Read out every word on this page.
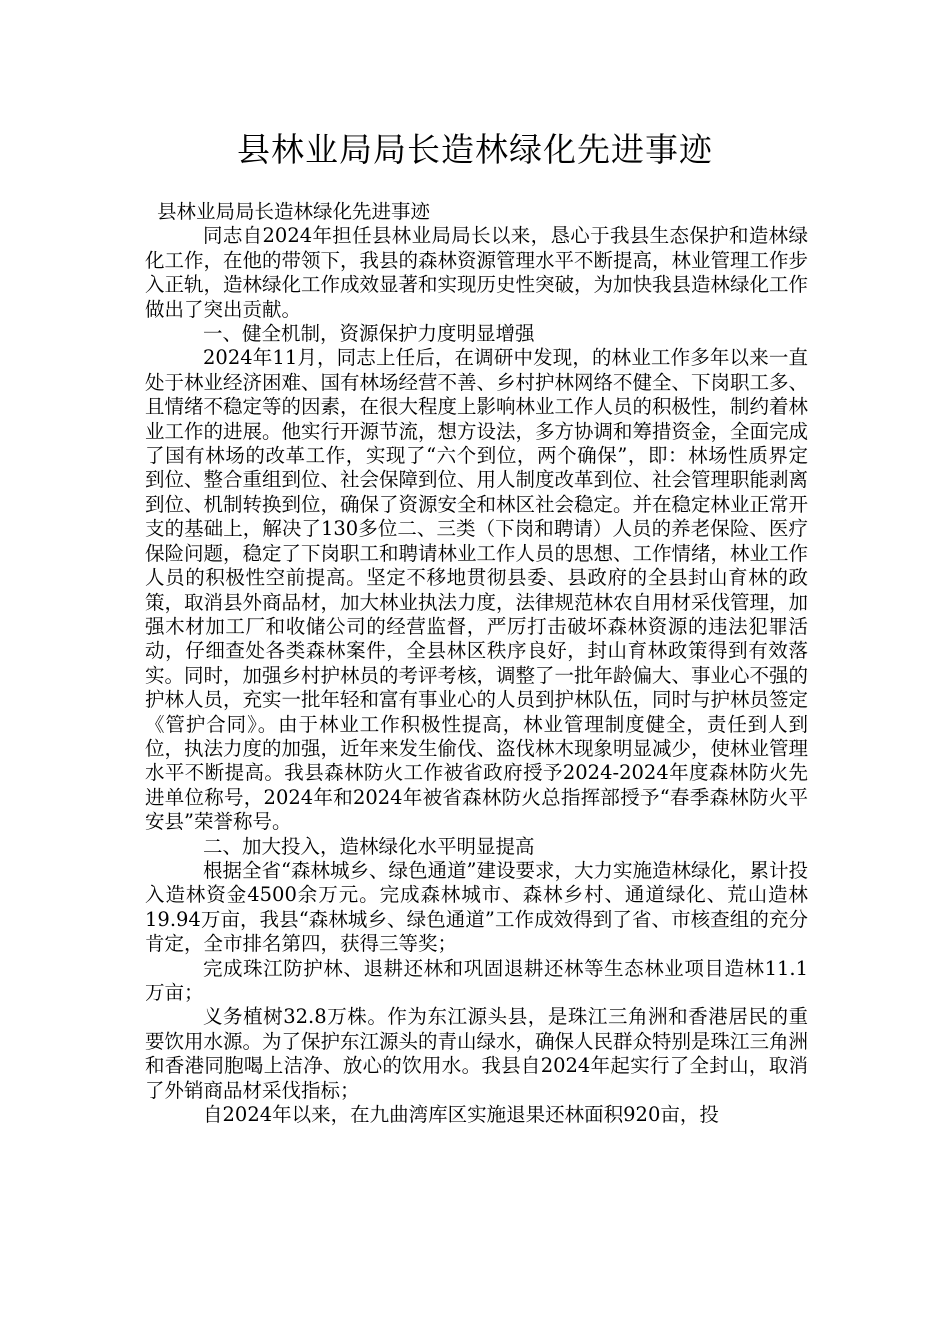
县林业局局长造林绿化先进事迹

县林业局局长造林绿化先进事迹

同志自2024年担任县林业局局长以来，恳心于我县生态保护和造林绿化工作，在他的带领下，我县的森林资源管理水平不断提高，林业管理工作步入正轨，造林绿化工作成效显著和实现历史性突破，为加快我县造林绿化工作做出了突出贡献。

一、健全机制，资源保护力度明显增强

2024年11月，同志上任后，在调研中发现，的林业工作多年以来一直处于林业经济困难、国有林场经营不善、乡村护林网络不健全、下岗职工多、且情绪不稳定等的因素，在很大程度上影响林业工作人员的积极性，制约着林业工作的进展。他实行开源节流，想方设法，多方协调和筹措资金，全面完成了国有林场的改革工作，实现了“六个到位，两个确保”，即：林场性质界定到位、整合重组到位、社会保障到位、用人制度改革到位、社会管理职能剥离到位、机制转换到位，确保了资源安全和林区社会稳定。并在稳定林业正常开支的基础上，解决了130多位二、三类（下岗和聘请）人员的养老保险、医疗保险问题，稳定了下岗职工和聘请林业工作人员的思想、工作情绪，林业工作人员的积极性空前提高。坚定不移地贯彻县委、县政府的全县封山育林的政策，取消县外商品材，加大林业执法力度，法律规范林农自用材采伐管理，加强木材加工厂和收储公司的经营监督，严厉打击破坏森林资源的违法犯罪活动，仔细查处各类森林案件，全县林区秩序良好，封山育林政策得到有效落实。同时，加强乡村护林员的考评考核，调整了一批年龄偏大、事业心不强的护林人员，充实一批年轻和富有事业心的人员到护林队伍，同时与护林员签定《管护合同》。由于林业工作积极性提高，林业管理制度健全，责任到人到位，执法力度的加强，近年来发生偷伐、盗伐林木现象明显减少，使林业管理水平不断提高。我县森林防火工作被省政府授予2024-2024年度森林防火先进单位称号，2024年和2024年被省森林防火总指挥部授予“春季森林防火平安县”荣誉称号。

二、加大投入，造林绿化水平明显提高

根据全省“森林城乡、绿色通道”建设要求，大力实施造林绿化，累计投入造林资金4500余万元。完成森林城市、森林乡村、通道绿化、荒山造林19.94万亩，我县“森林城乡、绿色通道”工作成效得到了省、市核查组的充分肯定，全市排名第四，获得三等奖；

完成珠江防护林、退耕还林和巩固退耕还林等生态林业项目造林11.1万亩；

义务植树32.8万株。作为东江源头县，是珠江三角洲和香港居民的重要饮用水源。为了保护东江源头的青山绿水，确保人民群众特别是珠江三角洲和香港同胞喝上洁净、放心的饮用水。我县自2024年起实行了全封山，取消了外销商品材采伐指标；

自2024年以来，在九曲湾库区实施退果还林面积920亩，投
